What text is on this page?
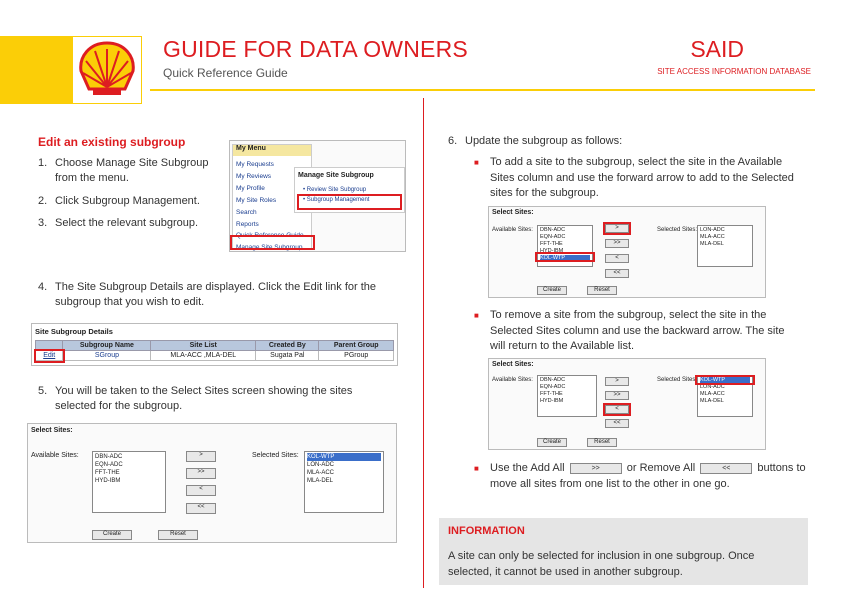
GUIDE FOR DATA OWNERS
Quick Reference Guide
SAID
SITE ACCESS INFORMATION DATABASE
Edit an existing subgroup
1. Choose Manage Site Subgroup
from the menu.
2. Click Subgroup Management.
3. Select the relevant subgroup.
My Menu
My Requests
My Reviews
My Profile
My Site Roles
Search
Reports
Quick Reference Guide
Manage Site Subgroup
Manage Site Subgroup
• Review Site Subgroup
• Subgroup Management
4. The Site Subgroup Details are displayed. Click the Edit link for the
subgroup that you wish to edit.
Site Subgroup Details
	Subgroup Name	Site List	Created By	Parent Group
Edit	SGroup	MLA-ACC ,MLA-DEL	Sugata Pal	PGroup
5. You will be taken to the Select Sites screen showing the sites
selected for the subgroup.
Select Sites:
Available Sites:	DBN-ADC
EQN-ADC
FFT-THE
HYD-IBM
>
>>
<
<<
Selected Sites: KOL-WTP
LON-ADC
MLA-ACC
MLA-DEL
Create	Reset
6. Update the subgroup as follows:
■ To add a site to the subgroup, select the site in the Available
Sites column and use the forward arrow to add to the Selected
sites for the subgroup.
Select Sites:
Available Sites: DBN-ADC
EQN-ADC
FFT-THE
HYD-IBM
KOL-WTP
>
>>
<
<<
Selected Sites: LON-ADC
MLA-ACC
MLA-DEL
Create	Reset
■ To remove a site from the subgroup, select the site in the
Selected Sites column and use the backward arrow. The site
will return to the Available list.
Select Sites:
Available Sites: DBN-ADC
EQN-ADC
FFT-THE
HYD-IBM
>
>>
<
<<
Selected Sites: KOL-WTP
LON-ADC
MLA-ACC
MLA-DEL
Create	Reset
■ Use the Add All	>> or Remove All	<< buttons to
move all sites from one list to the other in one go.
INFORMATION
A site can only be selected for inclusion in one subgroup. Once
selected, it cannot be used in another subgroup.
